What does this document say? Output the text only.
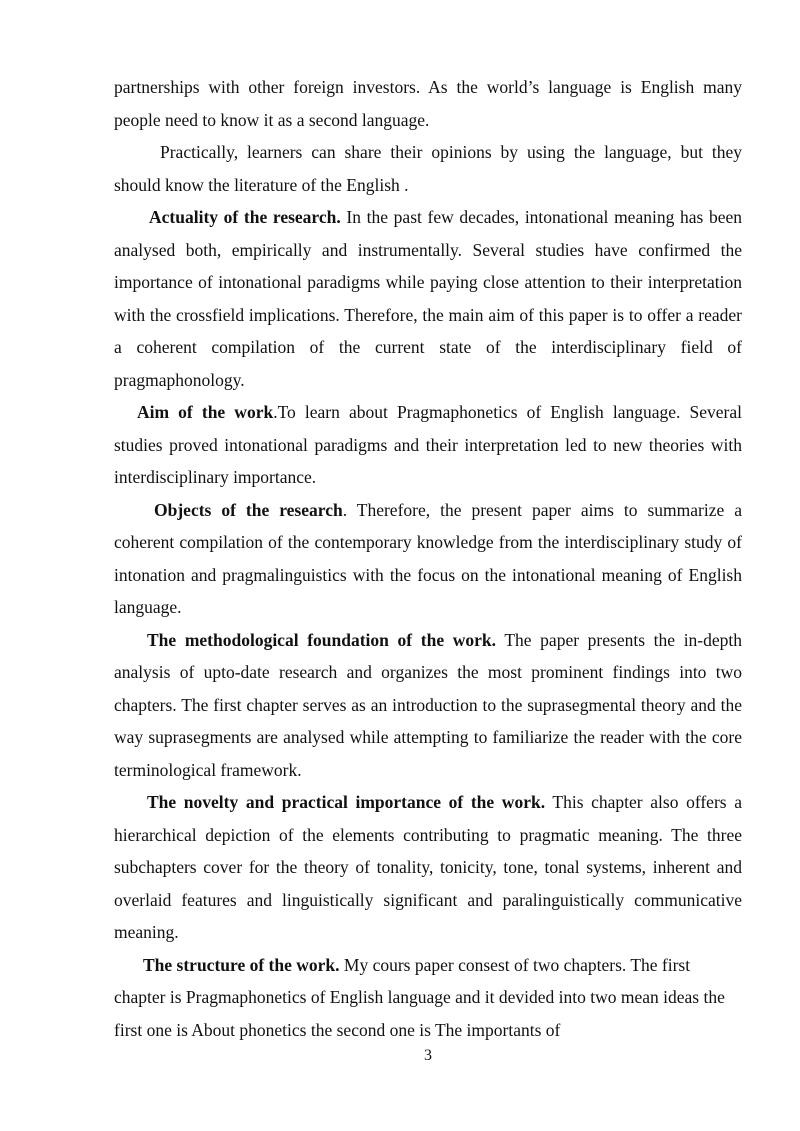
partnerships with other foreign investors. As the world’s language is English many people need to know it as a second language.

Practically, learners can share their opinions by using the language, but they should know the literature of the English .

Actuality of the research. In the past few decades, intonational meaning has been analysed both, empirically and instrumentally. Several studies have confirmed the importance of intonational paradigms while paying close attention to their interpretation with the crossfield implications. Therefore, the main aim of this paper is to offer a reader a coherent compilation of the current state of the interdisciplinary field of pragmaphonology.

Aim of the work.To learn about Pragmaphonetics of English language. Several studies proved intonational paradigms and their interpretation led to new theories with interdisciplinary importance.

Objects of the research. Therefore, the present paper aims to summarize a coherent compilation of the contemporary knowledge from the interdisciplinary study of intonation and pragmalinguistics with the focus on the intonational meaning of English language.

The methodological foundation of the work. The paper presents the in-depth analysis of upto-date research and organizes the most prominent findings into two chapters. The first chapter serves as an introduction to the suprasegmental theory and the way suprasegments are analysed while attempting to familiarize the reader with the core terminological framework.

The novelty and practical importance of the work. This chapter also offers a hierarchical depiction of the elements contributing to pragmatic meaning. The three subchapters cover for the theory of tonality, tonicity, tone, tonal systems, inherent and overlaid features and linguistically significant and paralinguistically communicative meaning.

The structure of the work. My cours paper consest of two chapters. The first chapter is Pragmaphonetics of English language and it devided into two mean ideas the first one is About phonetics the second one is The importants of

3
